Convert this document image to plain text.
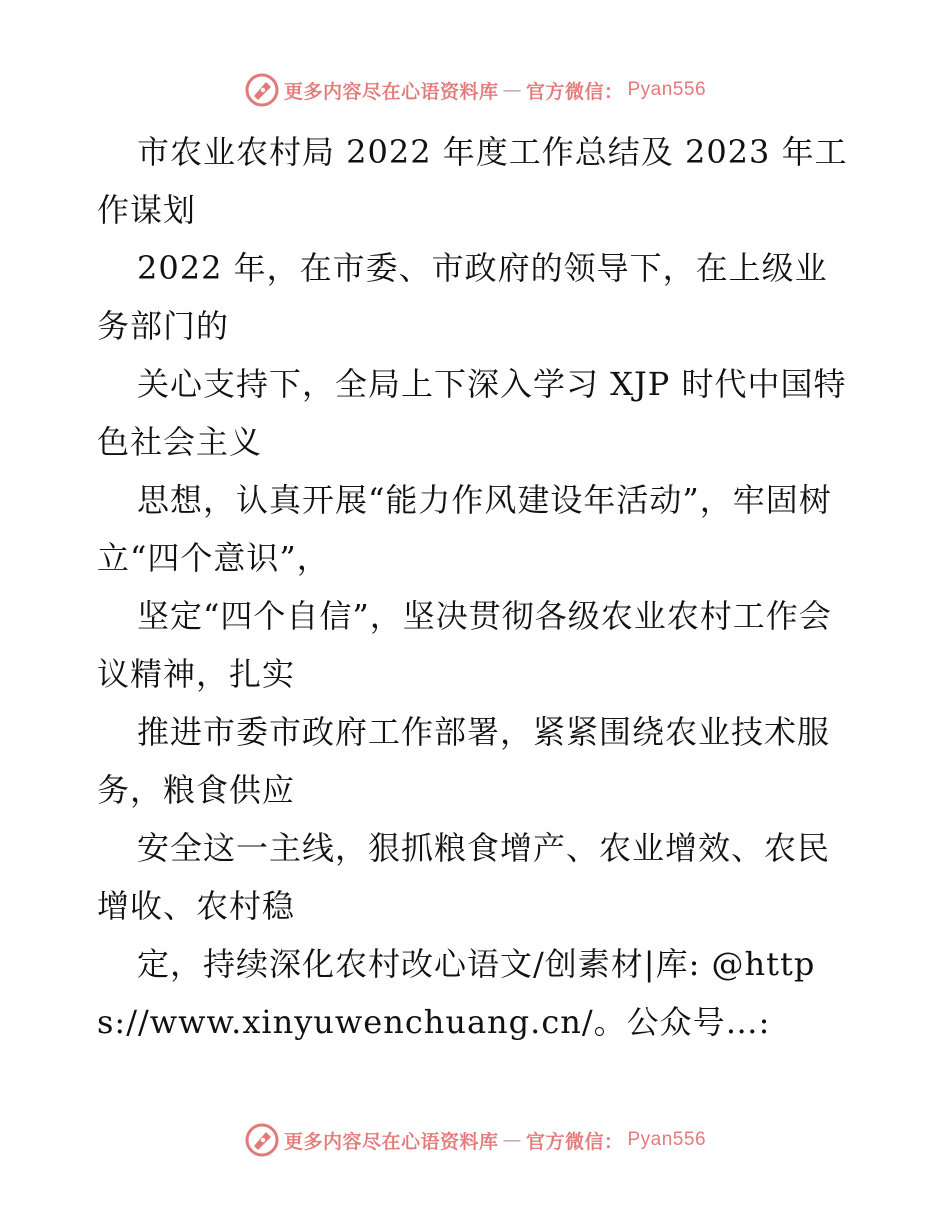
更多内容尽在心语资料库 — 官方微信： Pyan556

市农业农村局 2022 年度工作总结及 2023 年工作谋划

2022 年，在市委、市政府的领导下，在上级业务部门的

关心支持下，全局上下深入学习 XJP 时代中国特色社会主义

思想，认真开展“能力作风建设年活动”，牢固树立“四个意识”，

坚定“四个自信”，坚决贯彻各级农业农村工作会议精神，扎实

推进市委市政府工作部署，紧紧围绕农业技术服务，粮食供应

安全这一主线，狠抓粮食增产、农业增效、农民增收、农村稳

定，持续深化农村改心语文/创素材|库: @https://www.xinyuwenchuang.cn/。公众号…:

更多内容尽在心语资料库 — 官方微信： Pyan556
